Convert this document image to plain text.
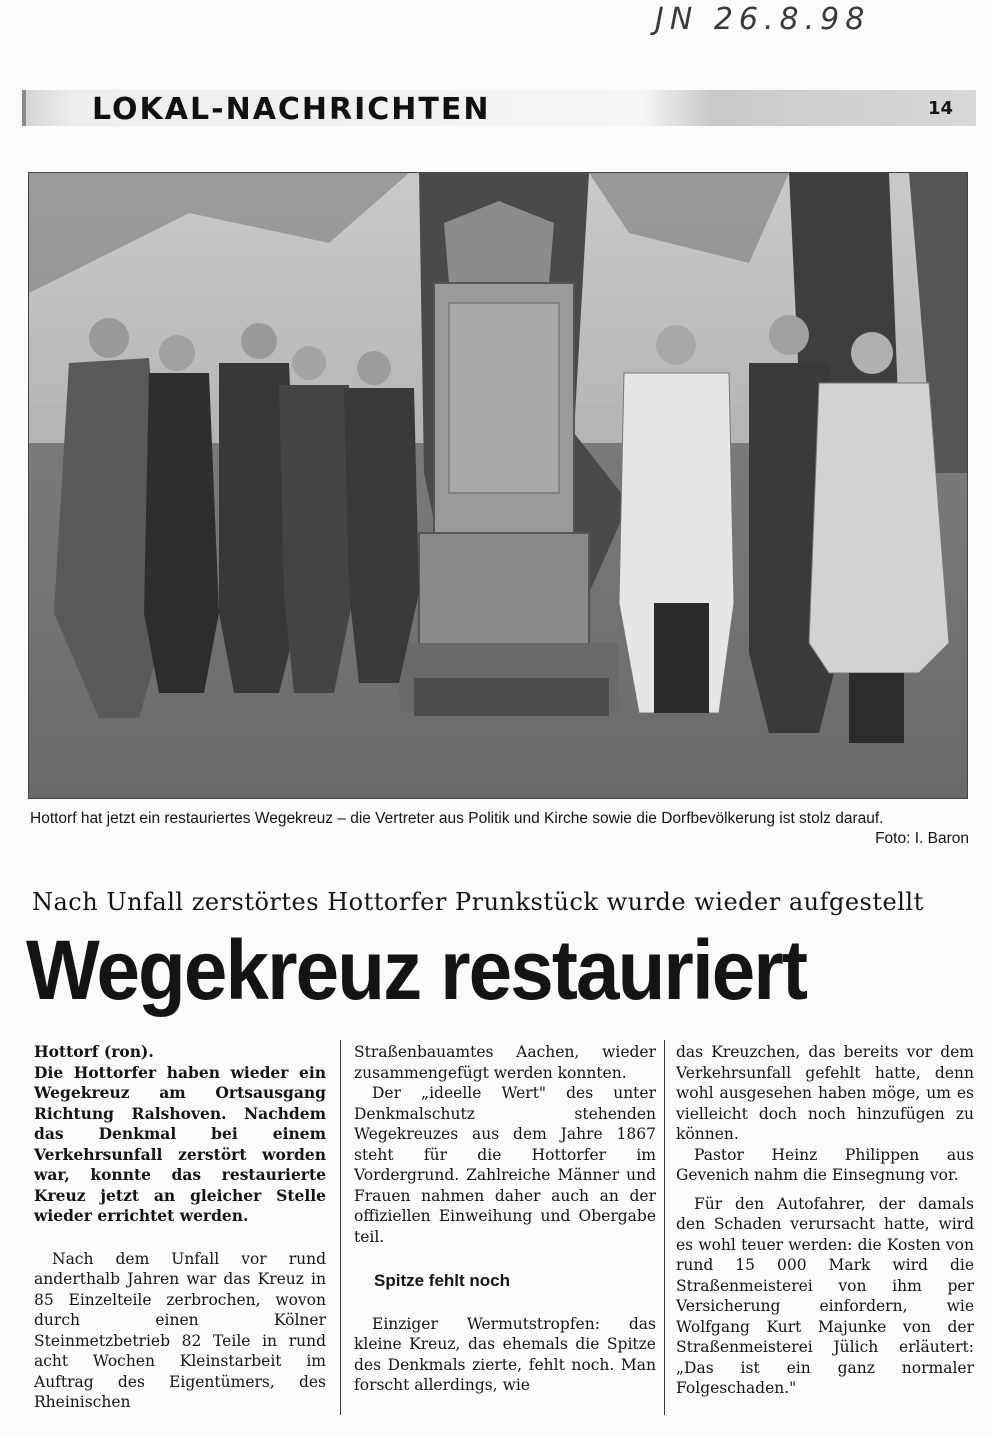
JN 26.8.98
LOKAL-NACHRICHTEN	14
Hottorf hat jetzt ein restauriertes Wegekreuz – die Vertreter aus Politik und Kirche sowie die Dorfbevölkerung ist stolz darauf.
Foto: I. Baron
Nach Unfall zerstörtes Hottorfer Prunkstück wurde wieder aufgestellt
Wegekreuz restauriert

Hottorf (ron).

Die Hottorfer haben wieder ein Wegekreuz am Ortsausgang Richtung Ralshoven. Nachdem das Denkmal bei einem Verkehrsunfall zerstört worden war, konnte das restaurierte Kreuz jetzt an gleicher Stelle wieder errichtet werden.

Nach dem Unfall vor rund anderthalb Jahren war das Kreuz in 85 Einzelteile zerbrochen, wovon durch einen Kölner Steinmetzbetrieb 82 Teile in rund acht Wochen Kleinstarbeit im Auftrag des Eigentümers, des Rheinischen

Straßenbauamtes Aachen, wieder zusammengefügt werden konnten.

Der „ideelle Wert" des unter Denkmalschutz stehenden Wegekreuzes aus dem Jahre 1867 steht für die Hottorfer im Vordergrund. Zahlreiche Männer und Frauen nahmen daher auch an der offiziellen Einweihung und Obergabe teil.

Spitze fehlt noch

Einziger Wermutstropfen: das kleine Kreuz, das ehemals die Spitze des Denkmals zierte, fehlt noch. Man forscht allerdings, wie

das Kreuzchen, das bereits vor dem Verkehrsunfall gefehlt hatte, denn wohl ausgesehen haben möge, um es vielleicht doch noch hinzufügen zu können.

Pastor Heinz Philippen aus Gevenich nahm die Einsegnung vor.

Für den Autofahrer, der damals den Schaden verursacht hatte, wird es wohl teuer werden: die Kosten von rund 15 000 Mark wird die Straßenmeisterei von ihm per Versicherung einfordern, wie Wolfgang Kurt Majunke von der Straßenmeisterei Jülich erläutert: „Das ist ein ganz normaler Folgeschaden."
